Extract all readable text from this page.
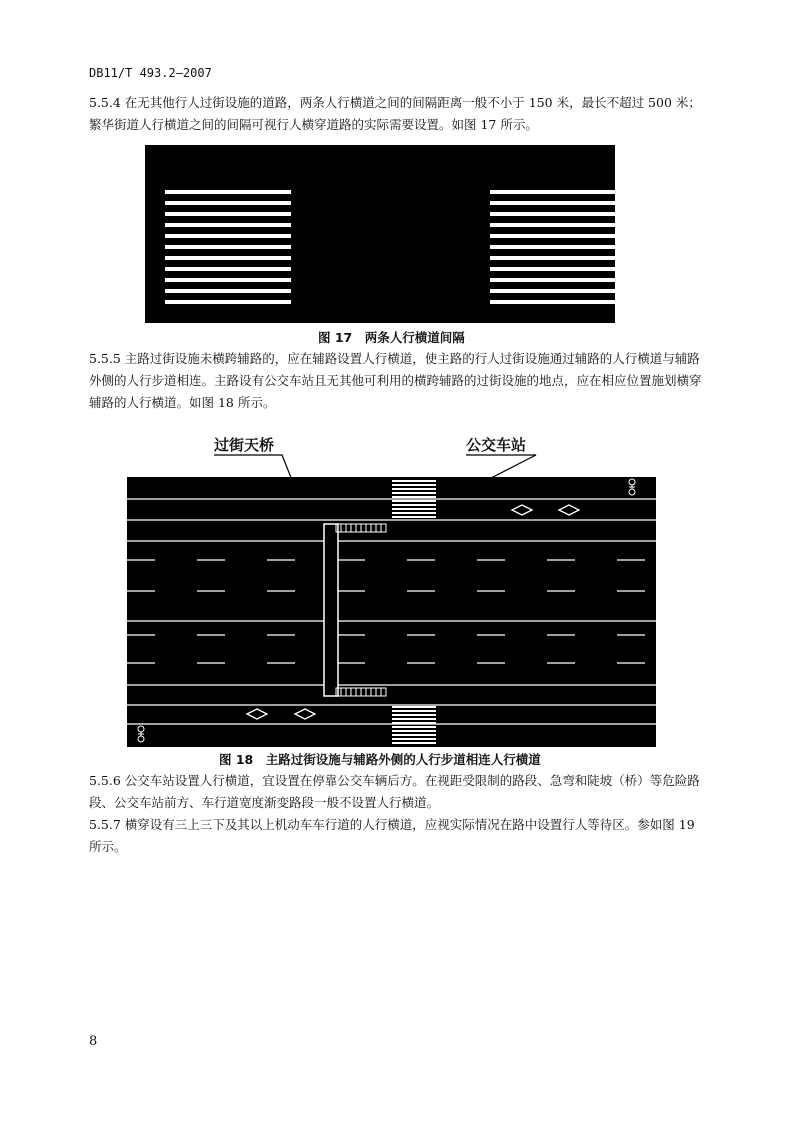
DB11/T 493.2—2007
5.5.4 在无其他行人过街设施的道路，两条人行横道之间的间隔距离一般不小于 150 米，最长不超过 500 米；繁华街道人行横道之间的间隔可视行人横穿道路的实际需要设置。如图 17 所示。
图 17　两条人行横道间隔
5.5.5 主路过街设施未横跨辅路的，应在辅路设置人行横道，使主路的行人过街设施通过辅路的人行横道与辅路外侧的人行步道相连。主路设有公交车站且无其他可利用的横跨辅路的过街设施的地点，应在相应位置施划横穿辅路的人行横道。如图 18 所示。
过街天桥	公交车站
图 18　主路过街设施与辅路外侧的人行步道相连人行横道
5.5.6 公交车站设置人行横道，宜设置在停靠公交车辆后方。在视距受限制的路段、急弯和陡坡（桥）等危险路段、公交车站前方、车行道宽度渐变路段一般不设置人行横道。
5.5.7 横穿设有三上三下及其以上机动车车行道的人行横道，应视实际情况在路中设置行人等待区。参如图 19 所示。
8
